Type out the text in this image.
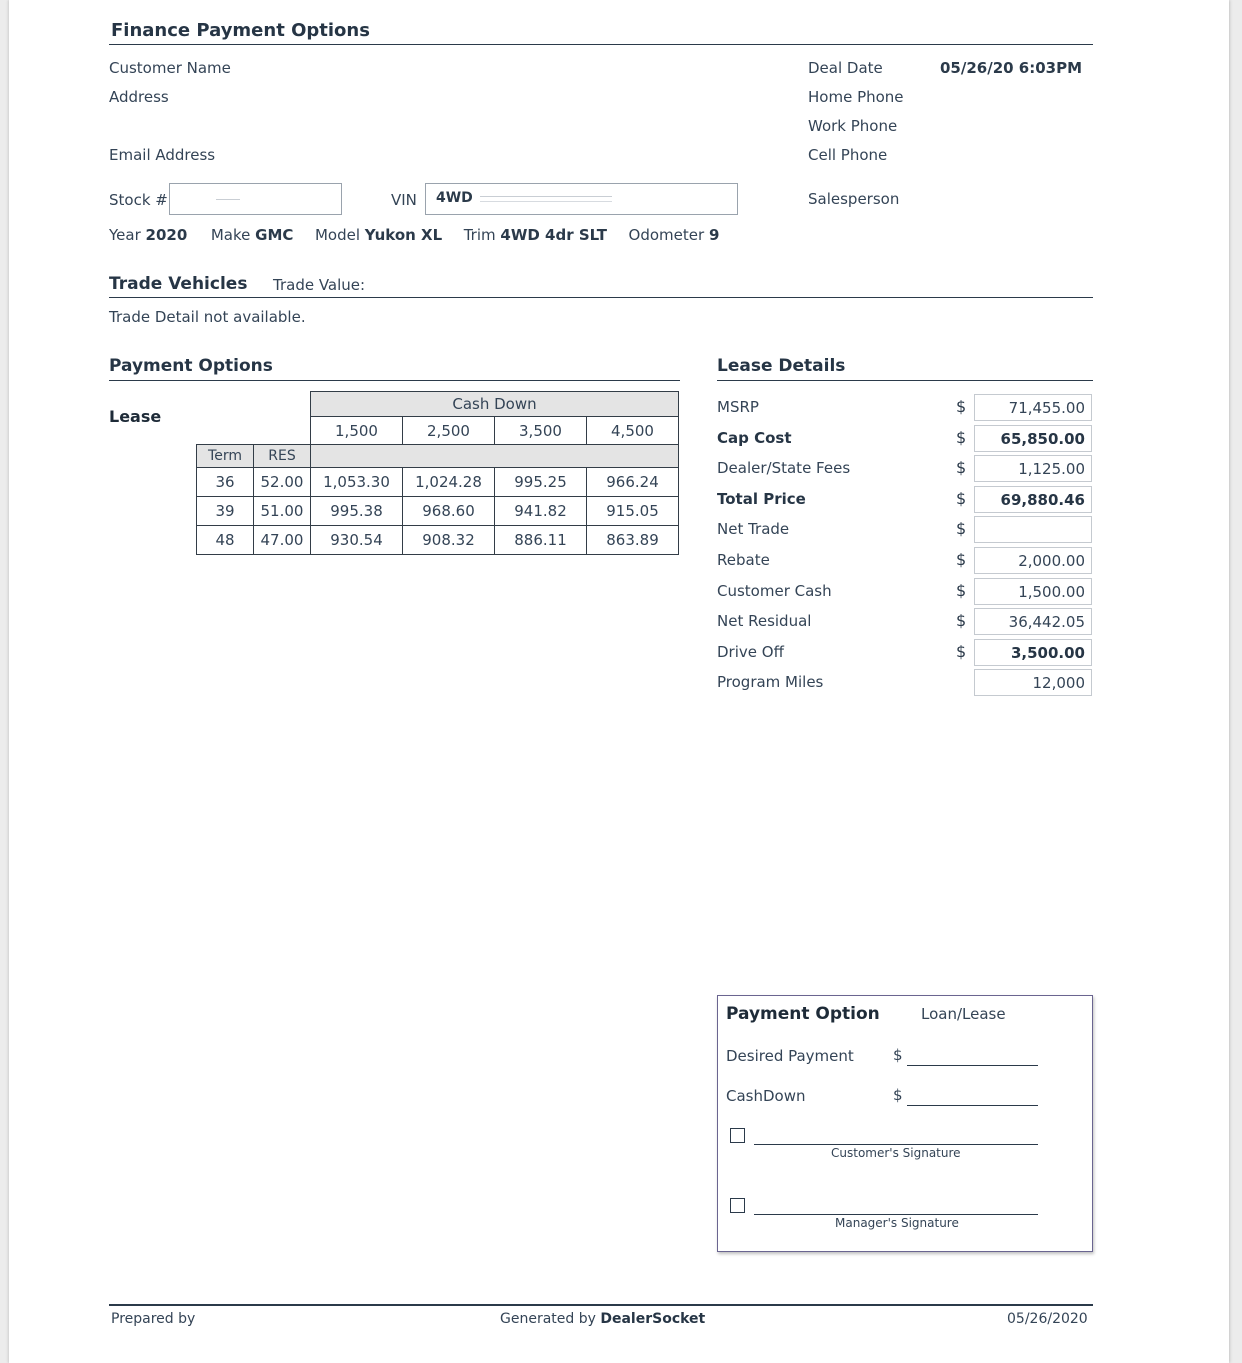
Finance Payment Options
Customer Name
Address
Email Address
Deal Date	05/26/20 6:03PM
Home Phone
Work Phone
Cell Phone
Salesperson
Stock #	VIN 4WD
Year 2020 Make GMC Model Yukon XL Trim 4WD 4dr SLT Odometer 9
Trade Vehicles Trade Value:
Trade Detail not available.
Payment Options
Lease
		Cash Down			
		1,500	2,500	3,500	4,500
Term	RES				
36	52.00	1,053.30	1,024.28	995.25	966.24
39	51.00	995.38	968.60	941.82	915.05
48	47.00	930.54	908.32	886.11	863.89
Lease Details
MSRP	$	71,455.00
Cap Cost	$	65,850.00
Dealer/State Fees	$	1,125.00
Total Price	$	69,880.46
Net Trade	$
Rebate	$	2,000.00
Customer Cash	$	1,500.00
Net Residual	$	36,442.05
Drive Off	$	3,500.00
Program Miles	12,000
Payment Option	Loan/Lease
Desired Payment	$
CashDown	$
Customer's Signature
Manager's Signature
Prepared by	Generated by DealerSocket	05/26/2020
